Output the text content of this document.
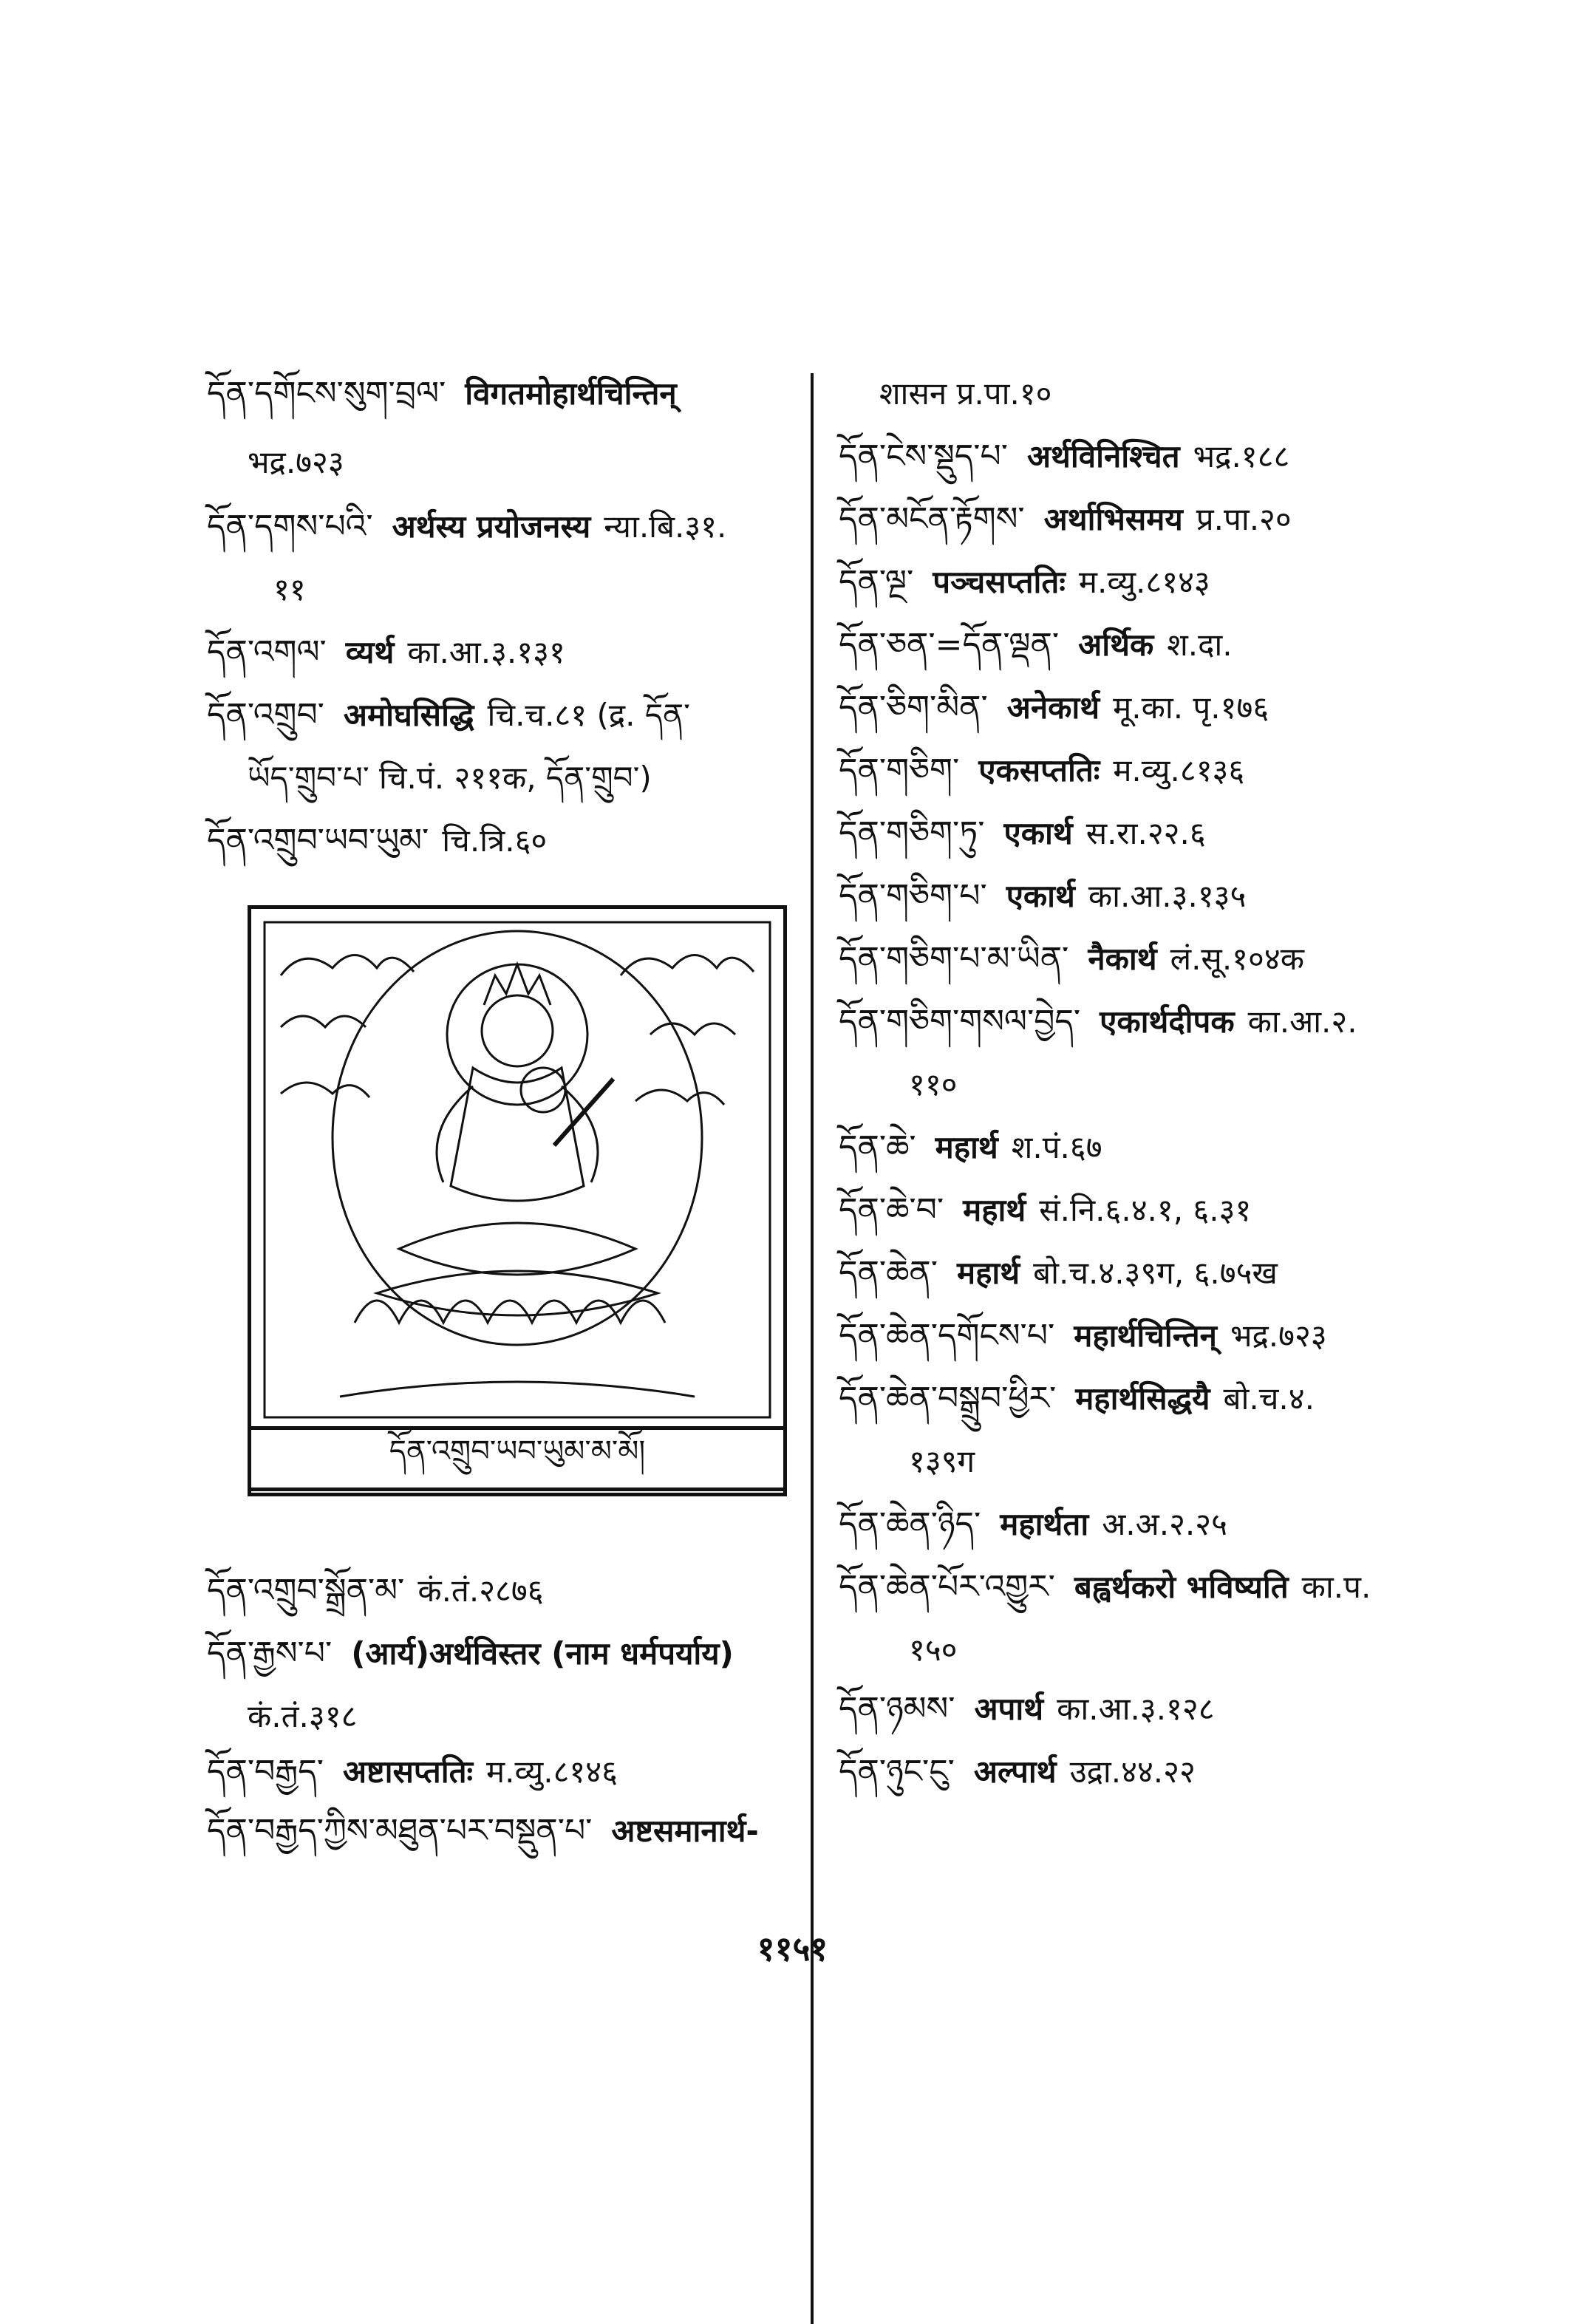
དོན་དགོངས་སུག་བྲལ་ विगतमोहार्थचिन्तिन्
भद्र.७२३
དོན་དགས་པའི་ अर्थस्य प्रयोजनस्य न्या.बि.३१.
११
དོན་འགལ་ व्यर्थ का.आ.३.१३१
དོན་འགྲུབ་ अमोघसिद्धि चि.च.८१ (द्र. དོན་
ཡོད་གྲུབ་པ་ चि.पं. २११क, དོན་གྲུབ་)
དོན་འགྲུབ་ཡབ་ཡུམ་ चि.त्रि.६०
དོན་འགྲུབ་སྒྲོན་མ་ कं.तं.२८७६
དོན་རྒྱས་པ་ (आर्य)अर्थविस्तर (नाम धर्मपर्याय)
कं.तं.३१८
དོན་བརྒྱད་ अष्टासप्ततिः म.व्यु.८१४६
དོན་བརྒྱད་ཀྱིས་མཐུན་པར་བསྡུན་པ་ अष्टसमानार्थ-
དོན་འགྲུབ་ཡབ་ཡུམ་མ་མོ།
शासन प्र.पा.१०
དོན་ངེས་སྡུད་པ་ अर्थविनिश्चित भद्र.१८८
དོན་མངོན་རྟོགས་ अर्थाभिसमय प्र.पा.२०
དོན་ལྔ་ पञ्चसप्ततिः म.व्यु.८१४३
དོན་ཅན་=དོན་ལྡན་ अर्थिक श.दा.
དོན་ཅིག་མིན་ अनेकार्थ मू.का. पृ.१७६
དོན་གཅིག་ एकसप्ततिः म.व्यु.८१३६
དོན་གཅིག་ཏུ་ एकार्थ स.रा.२२.६
དོན་གཅིག་པ་ एकार्थ का.आ.३.१३५
དོན་གཅིག་པ་མ་ཡིན་ नैकार्थ लं.सू.१०४क
དོན་གཅིག་གསལ་བྱེད་ एकार्थदीपक का.आ.२.
११०
དོན་ཆེ་ महार्थ श.पं.६७
དོན་ཆེ་བ་ महार्थ सं.नि.६.४.१, ६.३१
དོན་ཆེན་ महार्थ बो.च.४.३९ग, ६.७५ख
དོན་ཆེན་དགོངས་པ་ महार्थचिन्तिन् भद्र.७२३
དོན་ཆེན་བསྒྲུབ་ཕྱིར་ महार्थसिद्धयै बो.च.४.
१३९ग
དོན་ཆེན་ཉིད་ महार्थता अ.अ.२.२५
དོན་ཆེན་པོར་འགྱུར་ बह्वर्थकरो भविष्यति का.प.
१५०
དོན་ཉམས་ अपार्थ का.आ.३.१२८
དོན་ཉུང་ངུ་ अल्पार्थ उद्रा.४४.२२
११५१
